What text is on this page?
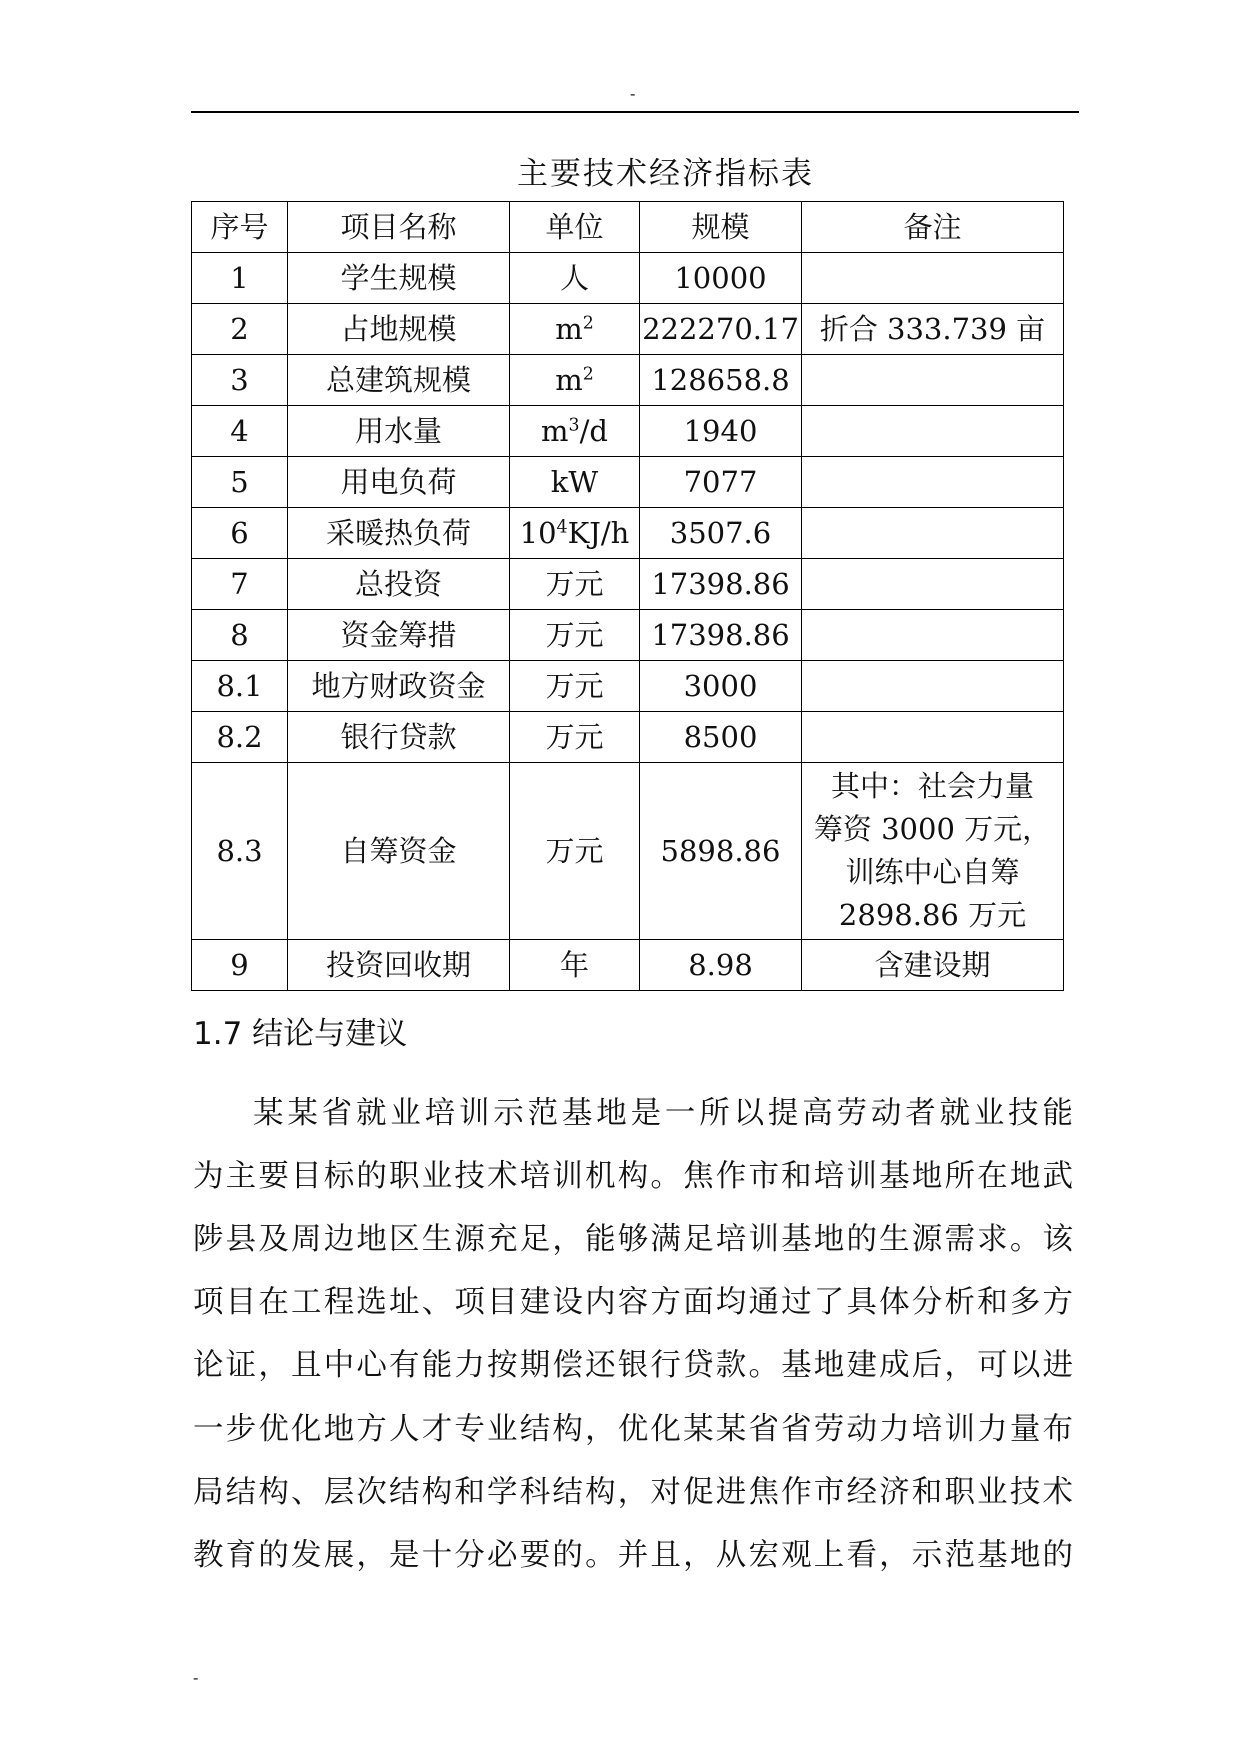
-
主要技术经济指标表
序号	项目名称	单位	规模	备注
1	学生规模	人	10000	
2	占地规模	$m^2$	222270.17	折合 333.739 亩
3	总建筑规模	$m^2$	128658.8	
4	用水量	$m^3/d$	1940	
5	用电负荷	kW	7077	
6	采暖热负荷	$10^4KJ/h$	3507.6	
7	总投资	万元	17398.86	
8	资金筹措	万元	17398.86	
8.1	地方财政资金	万元	3000	
8.2	银行贷款	万元	8500	
8.3	自筹资金	万元	5898.86	其中：社会力量
筹资 3000 万元，
训练中心自筹
2898.86 万元

9	投资回收期	年	8.98	含建设期
1.7 结论与建议
某某省就业培训示范基地是一所以提高劳动者就业技能
为主要目标的职业技术培训机构。焦作市和培训基地所在地武
陟县及周边地区生源充足，能够满足培训基地的生源需求。该
项目在工程选址、项目建设内容方面均通过了具体分析和多方
论证，且中心有能力按期偿还银行贷款。基地建成后，可以进
一步优化地方人才专业结构，优化某某省省劳动力培训力量布
局结构、层次结构和学科结构，对促进焦作市经济和职业技术
教育的发展，是十分必要的。并且，从宏观上看，示范基地的
-
